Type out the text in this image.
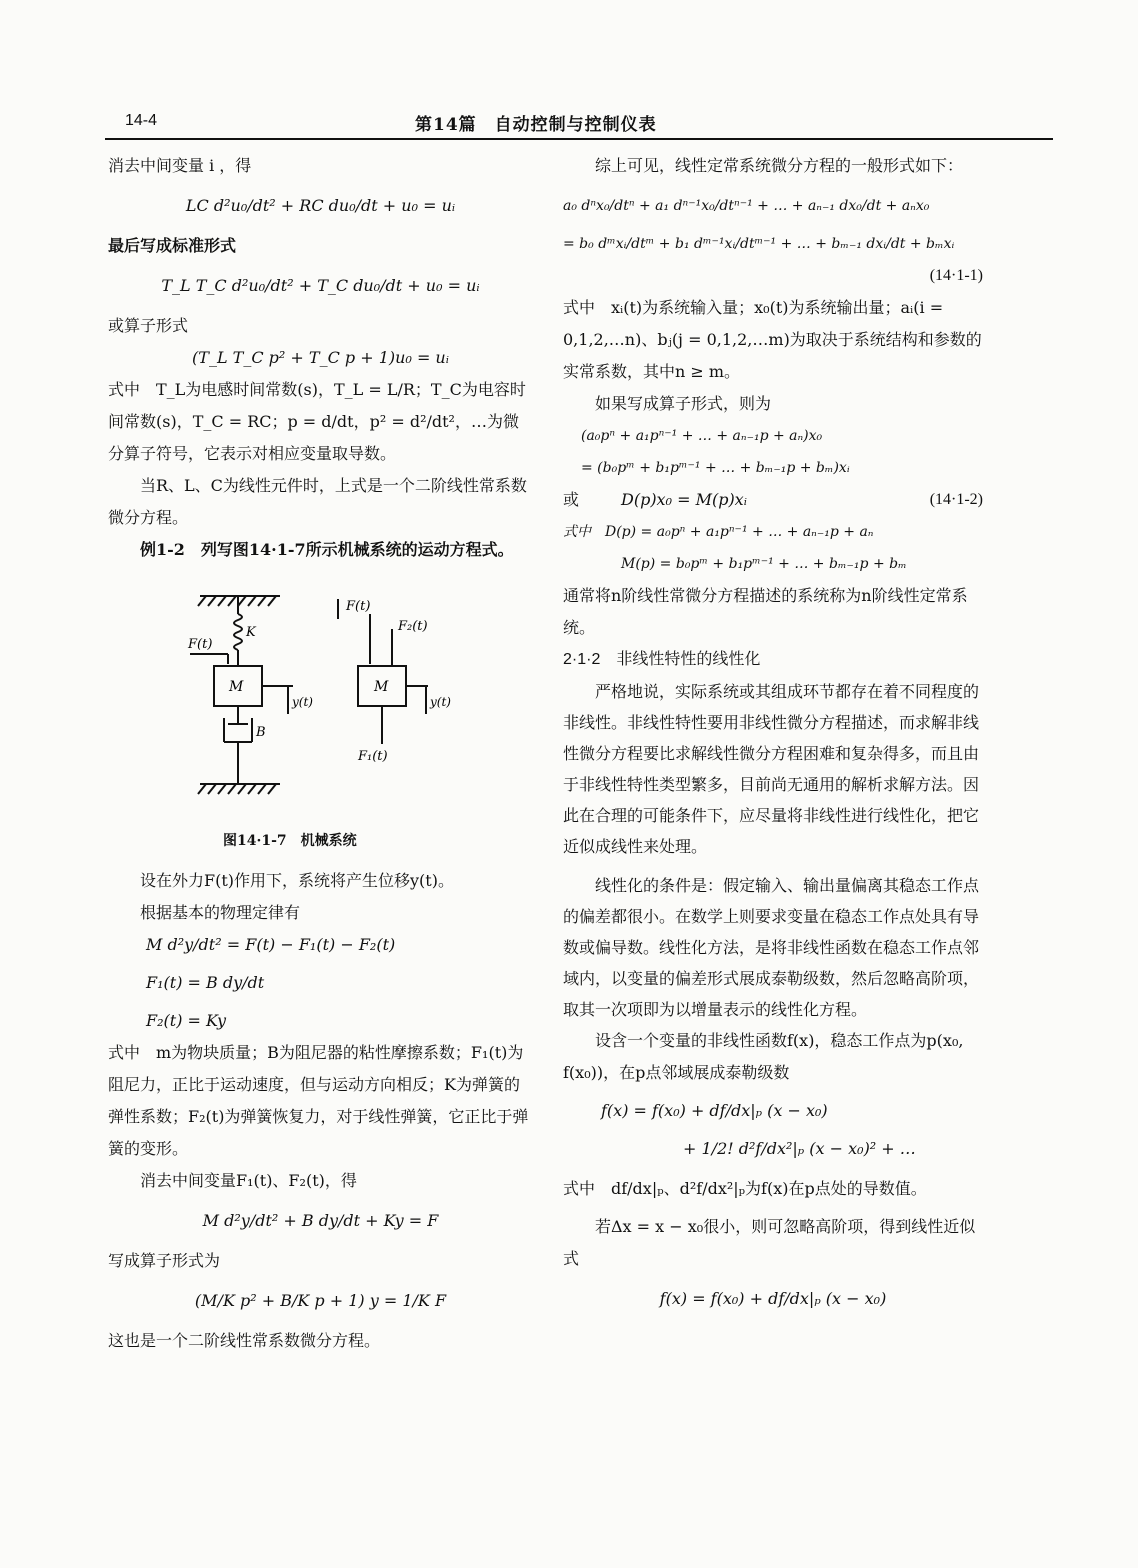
14-4	第14篇　自动控制与控制仪表

消去中间变量 i ，得

LC d²u₀/dt² + RC du₀/dt + u₀ = uᵢ

最后写成标准形式

T_L T_C d²u₀/dt² + T_C du₀/dt + u₀ = uᵢ

或算子形式

(T_L T_C p² + T_C p + 1)u₀ = uᵢ

式中　T_L为电感时间常数(s)，T_L = L/R；T_C为电容时间常数(s)，T_C = RC；p = d/dt，p² = d²/dt²，…为微分算子符号，它表示对相应变量取导数。

当R、L、C为线性元件时，上式是一个二阶线性常系数微分方程。

例1-2　列写图14·1-7所示机械系统的运动方程式。

F(t)
K
M
B
y(t)
F(t)
F₂(t)
M
y(t)
F₁(t)

图14·1-7　机械系统

设在外力F(t)作用下，系统将产生位移y(t)。

根据基本的物理定律有

M d²y/dt² = F(t) − F₁(t) − F₂(t)

F₁(t) = B dy/dt

F₂(t) = Ky

式中　m为物块质量；B为阻尼器的粘性摩擦系数；F₁(t)为阻尼力，正比于运动速度，但与运动方向相反；K为弹簧的弹性系数；F₂(t)为弹簧恢复力，对于线性弹簧，它正比于弹簧的变形。

消去中间变量F₁(t)、F₂(t)，得

M d²y/dt² + B dy/dt + Ky = F

写成算子形式为

(M/K p² + B/K p + 1) y = 1/K F

这也是一个二阶线性常系数微分方程。

综上可见，线性定常系统微分方程的一般形式如下：

a₀ dⁿx₀/dtⁿ + a₁ dⁿ⁻¹x₀/dtⁿ⁻¹ + … + aₙ₋₁ dx₀/dt + aₙx₀

= b₀ dᵐxᵢ/dtᵐ + b₁ dᵐ⁻¹xᵢ/dtᵐ⁻¹ + … + bₘ₋₁ dxᵢ/dt + bₘxᵢ

(14·1-1)

式中　xᵢ(t)为系统输入量；x₀(t)为系统输出量；aᵢ(i = 0,1,2,…n)、bⱼ(j = 0,1,2,…m)为取决于系统结构和参数的实常系数，其中n ≥ m。

如果写成算子形式，则为

(a₀pⁿ + a₁pⁿ⁻¹ + … + aₙ₋₁p + aₙ)x₀

= (b₀pᵐ + b₁pᵐ⁻¹ + … + bₘ₋₁p + bₘ)xᵢ

或	D(p)x₀ = M(p)xᵢ	(14·1-2)

式中　D(p) = a₀pⁿ + a₁pⁿ⁻¹ + … + aₙ₋₁p + aₙ

M(p) = b₀pᵐ + b₁pᵐ⁻¹ + … + bₘ₋₁p + bₘ

通常将n阶线性常微分方程描述的系统称为n阶线性定常系统。

2·1·2　非线性特性的线性化

严格地说，实际系统或其组成环节都存在着不同程度的非线性。非线性特性要用非线性微分方程描述，而求解非线性微分方程要比求解线性微分方程困难和复杂得多，而且由于非线性特性类型繁多，目前尚无通用的解析求解方法。因此在合理的可能条件下，应尽量将非线性进行线性化，把它近似成线性来处理。

线性化的条件是：假定输入、输出量偏离其稳态工作点的偏差都很小。在数学上则要求变量在稳态工作点处具有导数或偏导数。线性化方法，是将非线性函数在稳态工作点邻域内，以变量的偏差形式展成泰勒级数，然后忽略高阶项，取其一次项即为以增量表示的线性化方程。

设含一个变量的非线性函数f(x)，稳态工作点为p(x₀, f(x₀))，在p点邻域展成泰勒级数

f(x) = f(x₀) + df/dx|ₚ (x − x₀)

+ 1/2! d²f/dx²|ₚ (x − x₀)² + …

式中　df/dx|ₚ、d²f/dx²|ₚ为f(x)在p点处的导数值。

若Δx = x − x₀很小，则可忽略高阶项，得到线性近似式

f(x) = f(x₀) + df/dx|ₚ (x − x₀)
